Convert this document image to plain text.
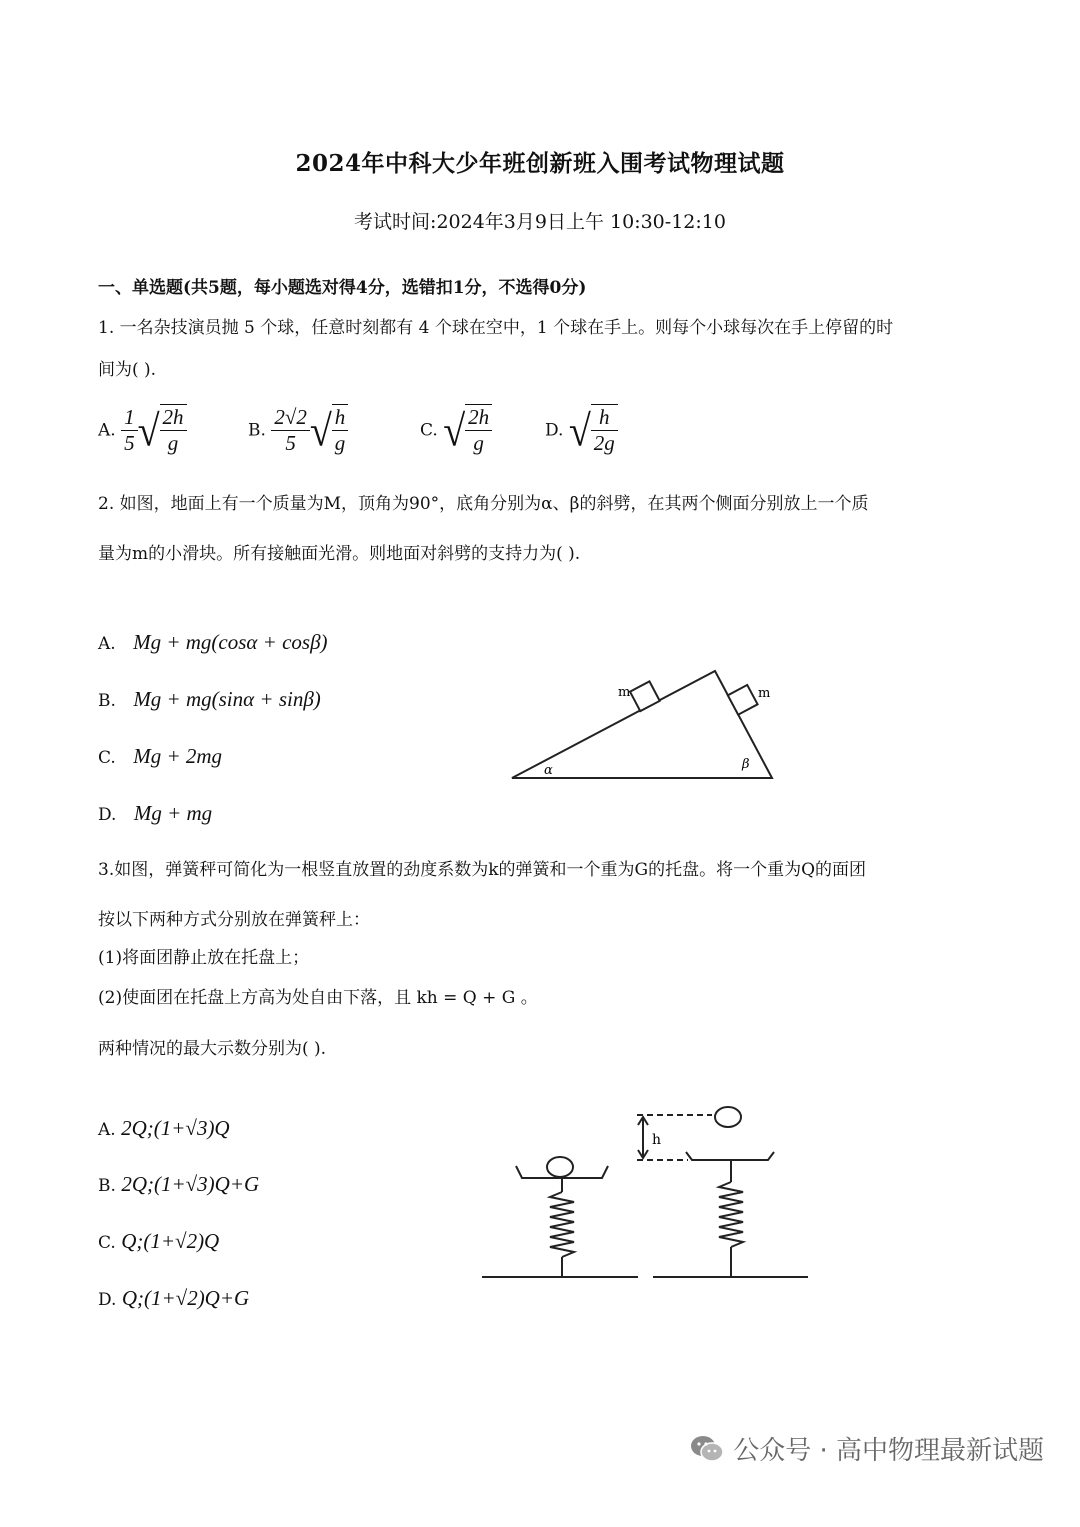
2024年中科大少年班创新班入围考试物理试题
考试时间:2024年3月9日上午 10:30-12:10
一、单选题(共5题，每小题选对得4分，选错扣1分，不选得0分)
1. 一名杂技演员抛 5 个球，任意时刻都有 4 个球在空中，1 个球在手上。则每个小球每次在手上停留的时
间为( ).
A. $\frac{1}{5}$ √ $\frac{2h}{g}$	B. $\frac{2√2}{5}$ √ $\frac{h}{g}$	C. √ $\frac{2h}{g}$	D. √ $\frac{h}{2g}$
2. 如图，地面上有一个质量为M，顶角为90°，底角分别为α、β的斜劈，在其两个侧面分别放上一个质
量为m的小滑块。所有接触面光滑。则地面对斜劈的支持力为( ).
A. Mg + mg(cosα + cosβ)
B. Mg + mg(sinα + sinβ)
C. Mg + 2mg
D. Mg + mg
m	m
α	β
3.如图，弹簧秤可简化为一根竖直放置的劲度系数为k的弹簧和一个重为G的托盘。将一个重为Q的面团
按以下两种方式分别放在弹簧秤上：
(1)将面团静止放在托盘上；
(2)使面团在托盘上方高为处自由下落，且 kh = Q + G 。
两种情况的最大示数分别为( ).
A. 2Q;(1+√3)Q
B. 2Q;(1+√3)Q+G
C. Q;(1+√2)Q
D. Q;(1+√2)Q+G
h
公众号 · 高中物理最新试题
